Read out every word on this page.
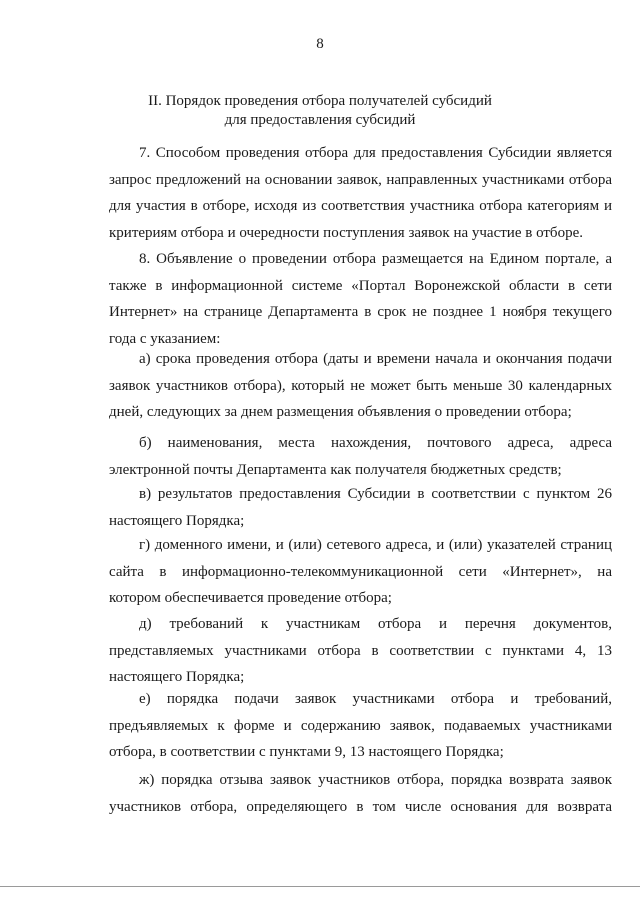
8
II. Порядок проведения отбора получателей субсидий
для предоставления субсидий

7. Способом проведения отбора для предоставления Субсидии является
запрос предложений на основании заявок, направленных участниками отбора
для участия в отборе, исходя из соответствия участника отбора категориям и
критериям отбора и очередности поступления заявок на участие в отборе.

8. Объявление о проведении отбора размещается на Едином портале, а
также в информационной системе «Портал Воронежской области в сети
Интернет» на странице Департамента в срок не позднее 1 ноября текущего
года с указанием:

а) срока проведения отбора (даты и времени начала и окончания подачи
заявок участников отбора), который не может быть меньше 30 календарных
дней, следующих за днем размещения объявления о проведении отбора;

б) наименования, места нахождения, почтового адреса, адреса
электронной почты Департамента как получателя бюджетных средств;

в) результатов предоставления Субсидии в соответствии с пунктом 26
настоящего Порядка;

г) доменного имени, и (или) сетевого адреса, и (или) указателей страниц
сайта в информационно-телекоммуникационной сети «Интернет», на
котором обеспечивается проведение отбора;

д) требований к участникам отбора и перечня документов,
представляемых участниками отбора в соответствии с пунктами 4, 13
настоящего Порядка;

е) порядка подачи заявок участниками отбора и требований,
предъявляемых к форме и содержанию заявок, подаваемых участниками
отбора, в соответствии с пунктами 9, 13 настоящего Порядка;

ж) порядка отзыва заявок участников отбора, порядка возврата заявок
участников отбора, определяющего в том числе основания для возврата
